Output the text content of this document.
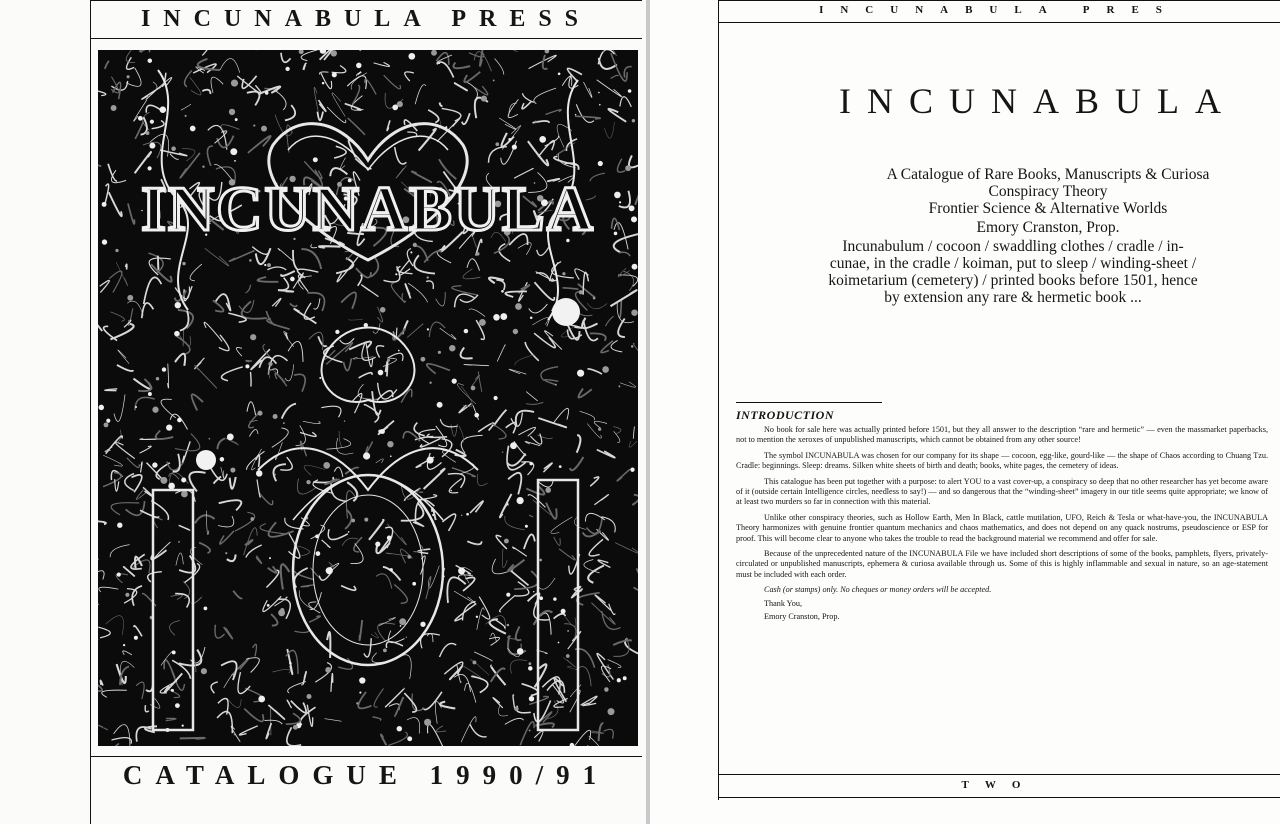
INCUNABULA PRESS
INCUNABULA
CATALOGUE 1990/91
INCUNABULA PRES
INCUNABULA
A Catalogue of Rare Books, Manuscripts & Curiosa
Conspiracy Theory
Frontier Science & Alternative Worlds
Emory Cranston, Prop.
Incunabulum / cocoon / swaddling clothes / cradle / in-cunae, in the cradle / koiman, put to sleep / winding-sheet / koimetarium (cemetery) / printed books before 1501, hence by extension any rare & hermetic book ...
INTRODUCTION

No book for sale here was actually printed before 1501, but they all answer to the description “rare and hermetic” — even the massmarket paperbacks, not to mention the xeroxes of unpublished manuscripts, which cannot be obtained from any other source!

The symbol INCUNABULA was chosen for our company for its shape — cocoon, egg-like, gourd-like — the shape of Chaos according to Chuang Tzu. Cradle: beginnings. Sleep: dreams. Silken white sheets of birth and death; books, white pages, the cemetery of ideas.

This catalogue has been put together with a purpose: to alert YOU to a vast cover-up, a conspiracy so deep that no other researcher has yet become aware of it (outside certain Intelligence circles, needless to say!) — and so dangerous that the “winding-sheet” imagery in our title seems quite appropriate; we know of at least two murders so far in connection with this material.

Unlike other conspiracy theories, such as Hollow Earth, Men In Black, cattle mutilation, UFO, Reich & Tesla or what-have-you, the INCUNABULA Theory harmonizes with genuine frontier quantum mechanics and chaos mathematics, and does not depend on any quack nostrums, pseudoscience or ESP for proof. This will become clear to anyone who takes the trouble to read the background material we recommend and offer for sale.

Because of the unprecedented nature of the INCUNABULA File we have included short descriptions of some of the books, pamphlets, flyers, privately-circulated or unpublished manuscripts, ephemera & curiosa available through us. Some of this is highly inflammable and sexual in nature, so an age-statement must be included with each order.

Cash (or stamps) only. No cheques or money orders will be accepted.

Thank You,

Emory Cranston, Prop.

TWO
